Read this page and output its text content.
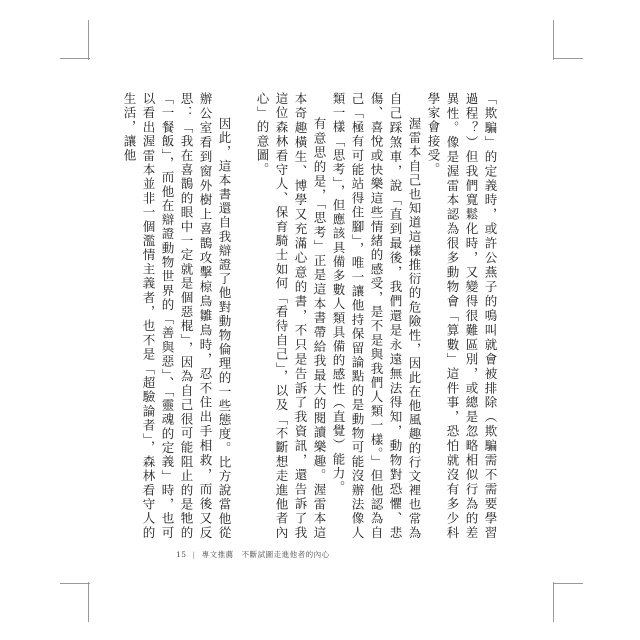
「欺騙」的定義時，或許公燕子的鳴叫就會被排除（欺騙需不需要學習過程？）但我們寬鬆化時，又變得很難區別，或總是忽略相似行為的差異性。像是渥雷本認為很多動物會「算數」這件事，恐怕就沒有多少科學家會接受。

渥雷本自己也知道這樣推衍的危險性，因此在他風趣的行文裡也常為自己踩煞車，說「直到最後，我們還是永遠無法得知，動物對恐懼、悲傷、喜悅或快樂這些情緒的感受，是不是與我們人類一樣。」但他認為自己「極有可能站得住腳」，唯一讓他持保留論點的是動物可能沒辦法像人類一樣「思考」，但應該具備多數人類具備的感性（直覺）能力。

有意思的是，「思考」正是這本書帶給我最大的閱讀樂趣。渥雷本這本奇趣橫生、博學又充滿心意的書，不只是告訴了我資訊，還告訴了我這位森林看守人、保育騎士如何「看待自己」，以及「不斷想走進他者內心」的意圖。

因此，這本書還自我辯證了他對動物倫理的一些態度。比方說當他從辦公室看到窗外樹上喜鵲攻擊椋鳥雛鳥時，忍不住出手相救，而後又反思：「我在喜鵲的眼中一定就是個惡棍」，因為自己很可能阻止的是牠的「一餐飯」，而他在辯證動物世界的「善與惡」、「靈魂的定義」時，也可以看出渥雷本並非一個濫情主義者，也不是「超驗論者」，森林看守人的生活，讓他

15 | 專文推薦　不斷試圖走進他者的內心
